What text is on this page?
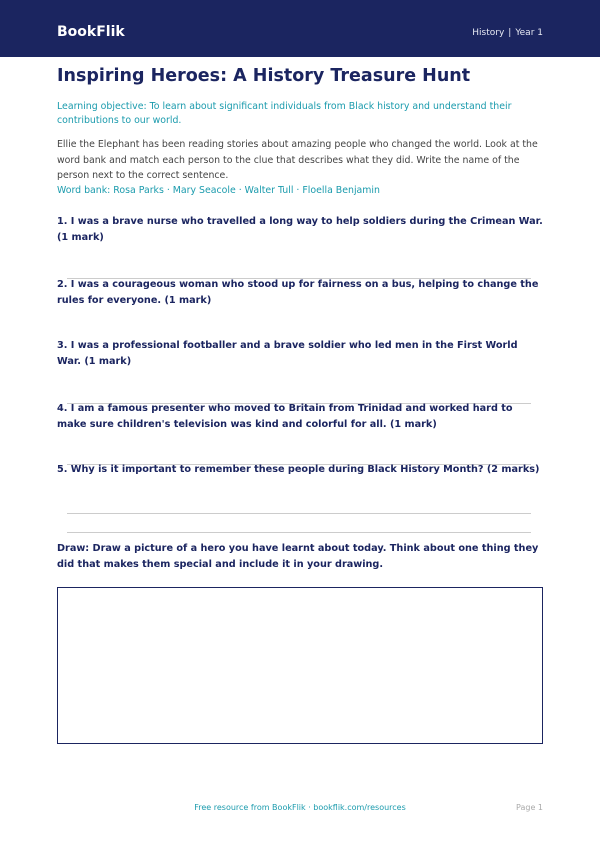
BookFlik	History | Year 1
Inspiring Heroes: A History Treasure Hunt

Learning objective: To learn about significant individuals from Black history and understand their contributions to our world.

Ellie the Elephant has been reading stories about amazing people who changed the world. Look at the word bank and match each person to the clue that describes what they did. Write the name of the person next to the correct sentence.

Word bank: Rosa Parks · Mary Seacole · Walter Tull · Floella Benjamin

1. I was a brave nurse who travelled a long way to help soldiers during the Crimean War. (1 mark)

2. I was a courageous woman who stood up for fairness on a bus, helping to change the rules for everyone. (1 mark)

3. I was a professional footballer and a brave soldier who led men in the First World War. (1 mark)

4. I am a famous presenter who moved to Britain from Trinidad and worked hard to make sure children's television was kind and colorful for all. (1 mark)

5. Why is it important to remember these people during Black History Month? (2 marks)

Draw: Draw a picture of a hero you have learnt about today. Think about one thing they did that makes them special and include it in your drawing.

Free resource from BookFlik · bookflik.com/resources	Page 1
